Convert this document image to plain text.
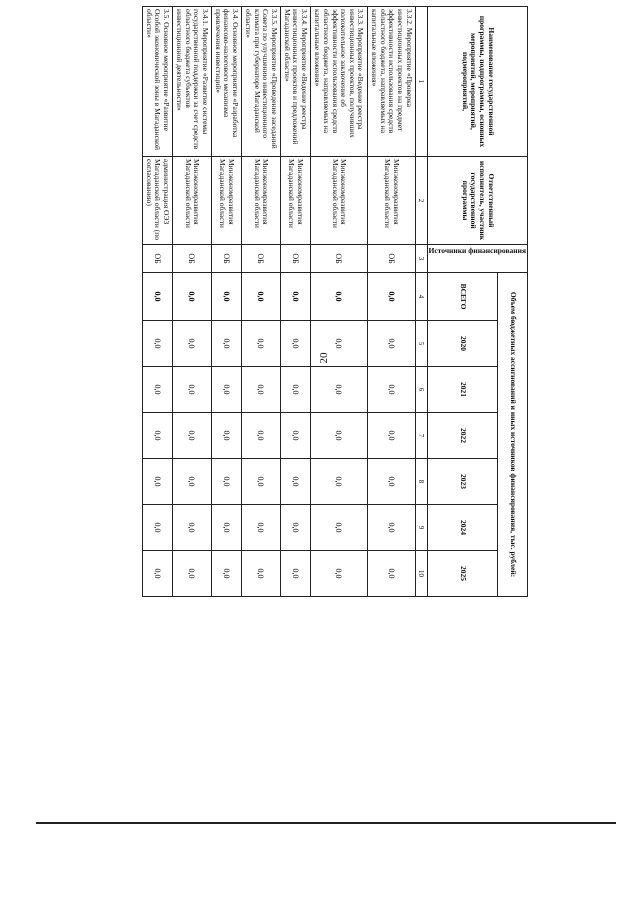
20
Наименование государственной программы, подпрограммы, основных мероприятий, мероприятий, подмероприятий,	Ответственный исполнитель, участник государственной программы	Источники финансирования	Объем бюджетных ассигнований и иных источников финансирования, тыс. рублей:						
			ВСЕГО	2020	2021	2022	2023	2024	2025
1	2	3	4	5	6	7	8	9	10
3.3.2. Мероприятие «Проверка инвестиционных проектов на предмет эффективности использования средств областного бюджета, направляемых на капитальные вложения»	Минэкономразвития Магаданской области	ОБ	0,0	0,0	0,0	0,0	0,0	0,0	0,0
3.3.3. Мероприятие «Ведение реестра инвестиционных проектов, получивших положительное заключение об эффективности использования средств областного бюджета, направляемых на капитальные вложения»	Минэкономразвития Магаданской области	ОБ	0,0	0,0	0,0	0,0	0,0	0,0	0,0
3.3.4. Мероприятие «Ведение реестра инвестиционных проектов и предложений Магаданской области»	Минэкономразвития Магаданской области	ОБ	0,0	0,0	0,0	0,0	0,0	0,0	0,0
3.3.5. Мероприятие «Проведение заседаний Совета по улучшению инвестиционного климата при губернаторе Магаданской области»	Минэкономразвития Магаданской области	ОБ	0,0	0,0	0,0	0,0	0,0	0,0	0,0
3.4. Основное мероприятие «Разработка финансово-налогового механизма привлечения инвестиций»	Минэкономразвития Магаданской области	ОБ	0,0	0,0	0,0	0,0	0,0	0,0	0,0
3.4.1. Мероприятие «Развитие системы государственной поддержки за счет средств областного бюджета субъектов инвестиционной деятельности»	Минэкономразвития Магаданской области	ОБ	0,0	0,0	0,0	0,0	0,0	0,0	0,0
3.5. Основное мероприятие «Развитие Особой экономической зоны в Магаданской области»	администрация ОЭЗ Магаданской области (по согласованию)	ОБ	0,0	0,0	0,0	0,0	0,0	0,0	0,0
